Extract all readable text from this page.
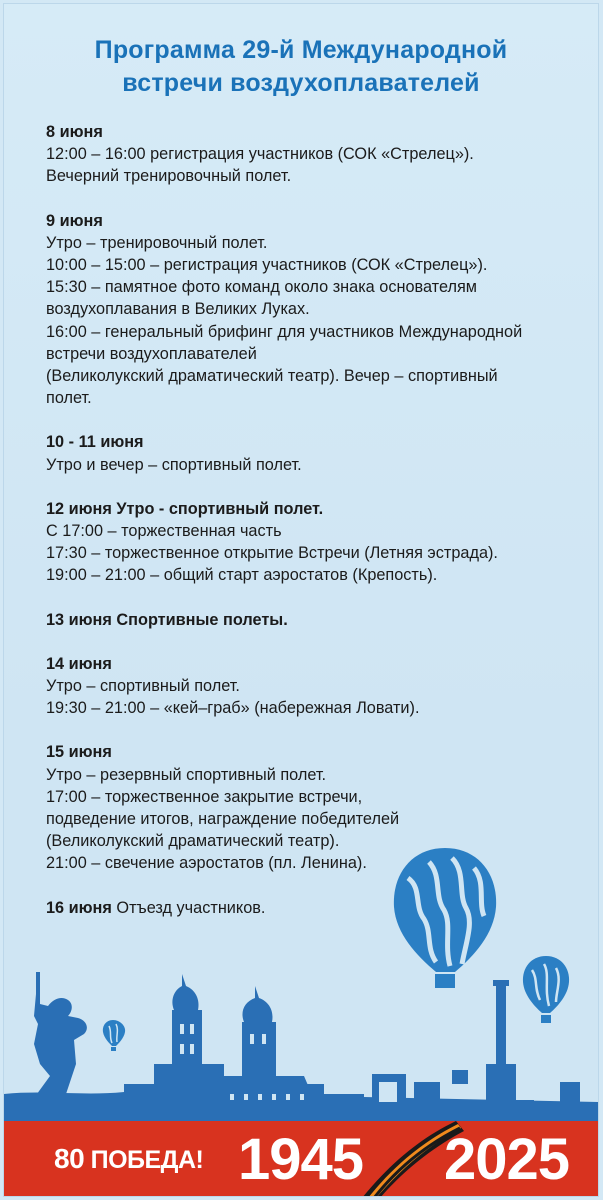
Программа 29-й Международной
встречи воздухоплавателей
8 июня
12:00 – 16:00 регистрация участников (СОК «Стрелец»).
Вечерний тренировочный полет.
9 июня
Утро – тренировочный полет.
10:00 – 15:00 – регистрация участников (СОК «Стрелец»).
15:30 – памятное фото команд около знака основателям
воздухоплавания в Великих Луках.
16:00 – генеральный брифинг для участников Международной
встречи воздухоплавателей
(Великолукский драматический театр). Вечер – спортивный
полет.
10 - 11 июня
Утро и вечер – спортивный полет.
12 июня Утро - спортивный полет.
С 17:00 – торжественная часть
17:30 – торжественное открытие Встречи (Летняя эстрада).
19:00 – 21:00 – общий старт аэростатов (Крепость).
13 июня Спортивные полеты.
14 июня
Утро – спортивный полет.
19:30 – 21:00 – «кей–граб» (набережная Ловати).
15 июня
Утро – резервный спортивный полет.
17:00 – торжественное закрытие встречи,
подведение итогов, награждение победителей
(Великолукский драматический театр).
21:00 – свечение аэростатов (пл. Ленина).
16 июня Отъезд участников.
80 ПОБЕДА! 1945 2025
